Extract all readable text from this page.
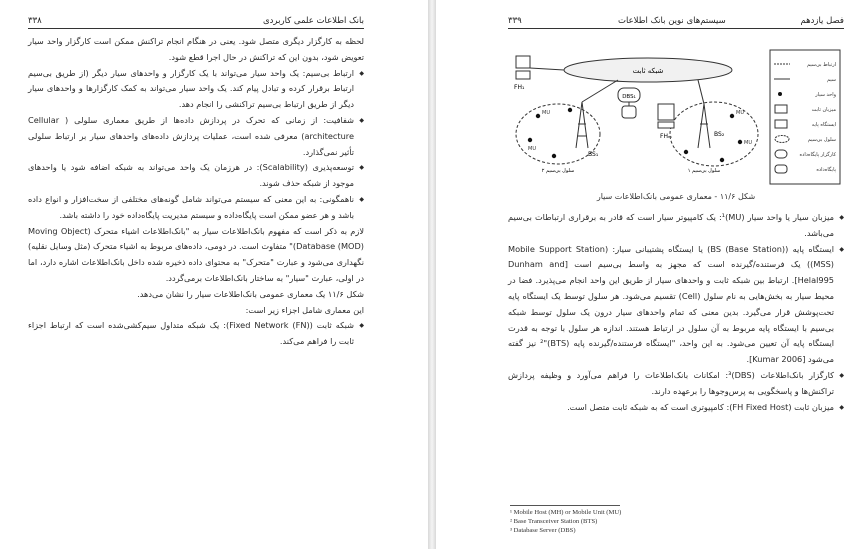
۳۳۸	بانک اطلاعات علمی کاربردی

لحظه به کارگزار دیگری متصل شود. یعنی در هنگام انجام تراکنش ممکن است کارگزار واحد سیار تعویض شود، بدون این که تراکنش در حال اجرا قطع شود.

◆ ارتباط بی‌سیم: یک واحد سیار می‌تواند با یک کارگزار و واحدهای سیار دیگر (از طریق بی‌سیم ارتباط برقرار کرده و تبادل پیام کند. یک واحد سیار می‌تواند به کمک کارگزارها و واحدهای سیار دیگر از طریق ارتباط بی‌سیم تراکنشی را انجام دهد.

◆ شفافیت: از زمانی که تحرک در پردازش داده‌ها از طریق معماری سلولی ( Cellular architecture) معرفی شده است، عملیات پردازش داده‌های واحدهای سیار بر ارتباط سلولی تأثیر نمی‌گذارد.

◆ توسعه‌پذیری (Scalability): در هرزمان یک واحد می‌تواند به شبکه اضافه شود یا واحدهای موجود از شبکه حذف شوند.

◆ ناهمگونی: به این معنی که سیستم می‌تواند شامل گونه‌های مختلفی از سخت‌افزار و انواع داده باشد و هر عضو ممکن است پایگاه‌داده و سیستم مدیریت پایگاه‌داده خود را داشته باشد.

لازم به ذکر است که مفهوم بانک‌اطلاعات سیار به "بانک‌اطلاعات اشیاء متحرک (Moving Object Database (MOD))" متفاوت است. در دومی، داده‌های مربوط به اشیاء متحرک (مثل وسایل نقلیه) نگهداری می‌شود و عبارت "متحرک" به محتوای داده ذخیره شده داخل بانک‌اطلاعات اشاره دارد، اما در اولی، عبارت "سیار" به ساختار بانک‌اطلاعات برمی‌گردد.

شکل ۱۱/۶ یک معماری عمومی بانک‌اطلاعات سیار را نشان می‌دهد.

این معماری شامل اجزاء زیر است:

◆ شبکه ثابت (Fixed Network (FN)): یک شبکه متداول سیم‌کشی‌شده است که ارتباط اجزاء ثابت را فراهم می‌کند.

۳۳۹	سیستم‌های نوین بانک اطلاعات	فصل یازدهم
شبکه ثابت
FH₁
BS₁
BS₂
DBS₁
FHₘ
MU	MU
MU
MU
سلول بی‌سیم ۲	سلول بی‌سیم ۱
ارتباط بی‌سیم
سیم
واحد سیار
میزبان ثابت
ایستگاه پایه
سلول بی‌سیم
کارگزار پایگاه‌داده
پایگاه‌داده
شکل ۱۱/۶ - معماری عمومی بانک‌اطلاعات سیار

◆ میزبان سیار یا واحد سیار (MU)¹: یک کامپیوتر سیار است که قادر به برقراری ارتباطات بی‌سیم می‌باشد.

◆ ایستگاه پایه (BS (Base Station)) یا ایستگاه پشتیبانی سیار: (Mobile Support Station (MSS)) یک فرستنده/گیرنده است که مجهز به واسط بی‌سیم است [Dunham and Helal995]. ارتباط بین شبکه ثابت و واحدهای سیار از طریق این واحد انجام می‌پذیرد. فضا در محیط سیار به بخش‌هایی به نام سلول (Cell) تقسیم می‌شود. هر سلول توسط یک ایستگاه پایه تحت‌پوشش قرار می‌گیرد. بدین معنی که تمام واحدهای سیار درون یک سلول توسط شبکه بی‌سیم با ایستگاه پایه مربوط به آن سلول در ارتباط هستند. اندازه هر سلول با توجه به قدرت ایستگاه پایه آن تعیین می‌شود. به این واحد، "ایستگاه فرستنده/گیرنده پایه (BTS)"² نیز گفته می‌شود [Kumar 2006].

◆ کارگزار بانک‌اطلاعات (DBS)³: امکانات بانک‌اطلاعات را فراهم می‌آورد و وظیفه پردازش تراکنش‌ها و پاسخگویی به پرس‌وجوها را برعهده دارند.

◆ میزبان ثابت (FH Fixed Host): کامپیوتری است که به شبکه ثابت متصل است.

¹ Mobile Host (MH) or Mobile Unit (MU)
² Base Transceiver Station (BTS)
³ Database Server (DBS)
